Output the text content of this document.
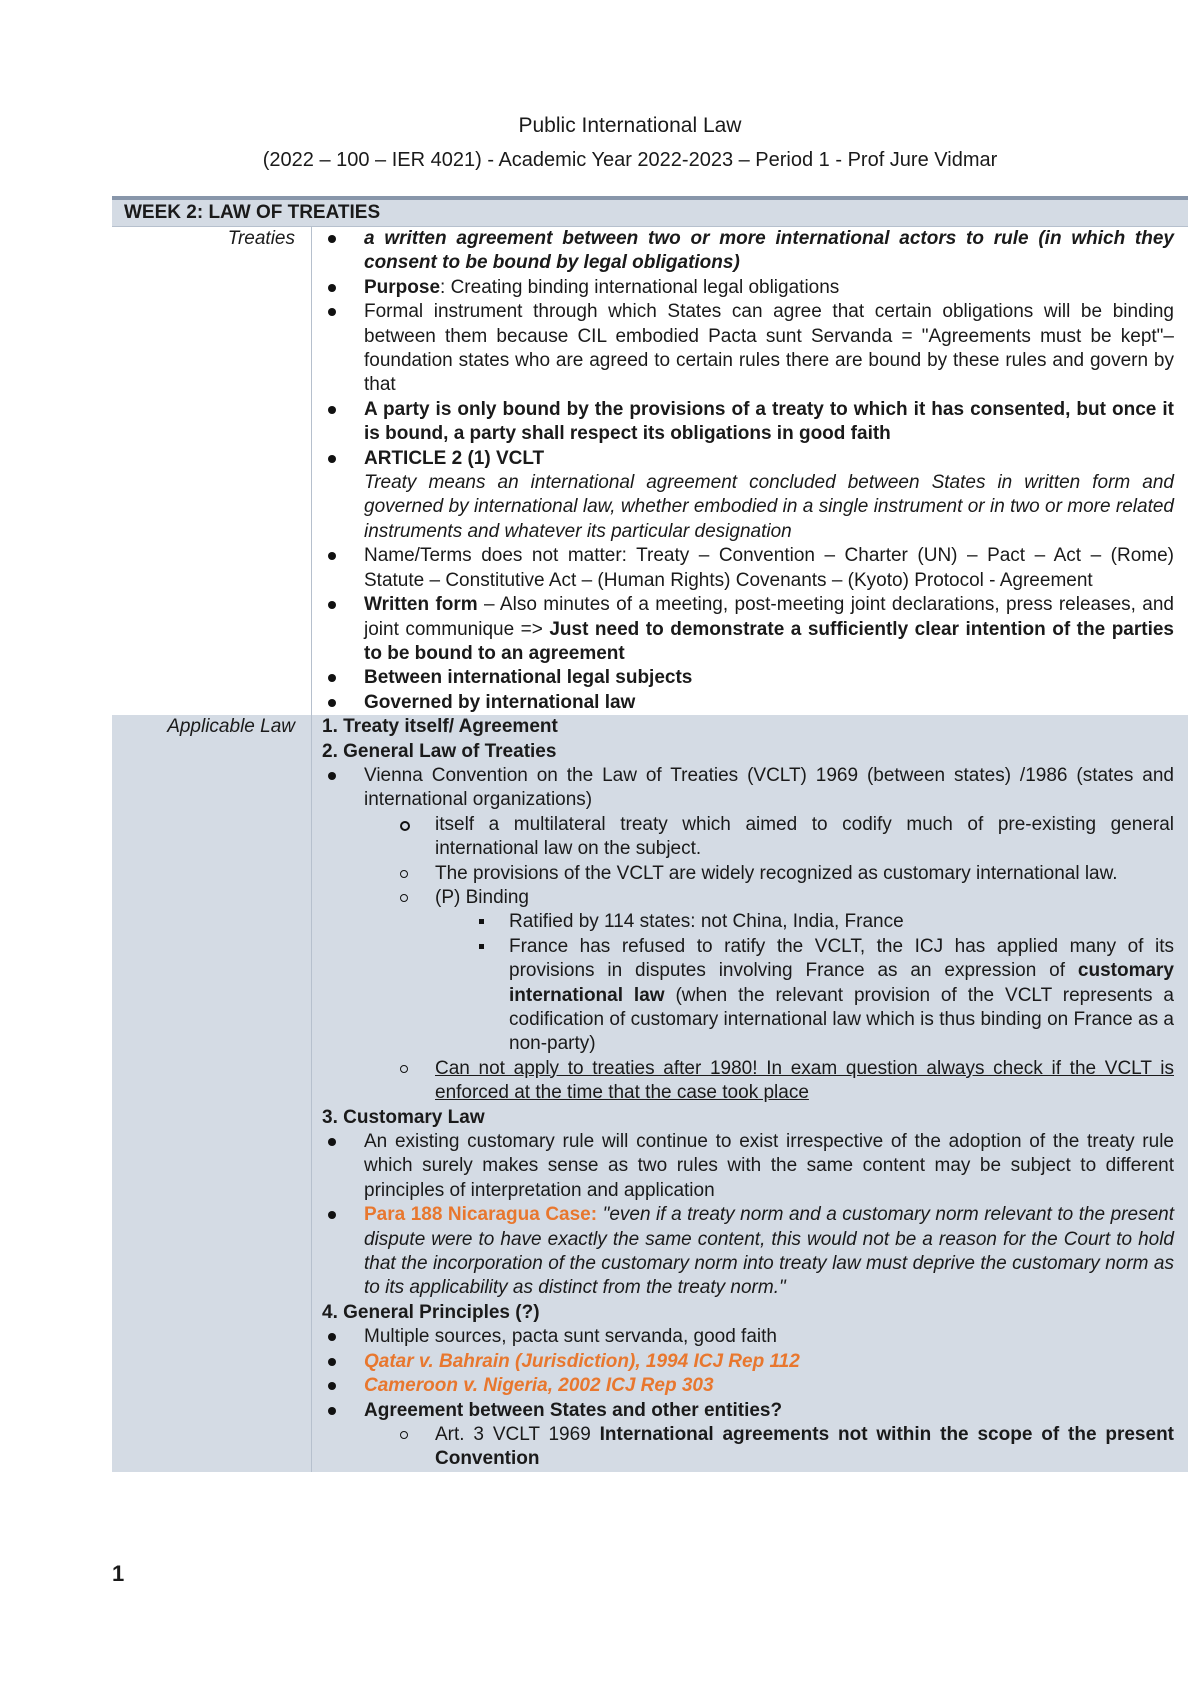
Public International Law
(2022 – 100 – IER 4021) - Academic Year 2022-2023 – Period 1 - Prof Jure Vidmar
WEEK 2: LAW OF TREATIES
Treaties	a written agreement between two or more international actors to rule (in which they consent to be bound by legal obligations)
Purpose: Creating binding international legal obligations
Formal instrument through which States can agree that certain obligations will be binding between them because CIL embodied Pacta sunt Servanda = "Agreements must be kept"– foundation states who are agreed to certain rules there are bound by these rules and govern by that
A party is only bound by the provisions of a treaty to which it has consented, but once it is bound, a party shall respect its obligations in good faith
ARTICLE 2 (1) VCLT
Treaty means an international agreement concluded between States in written form and governed by international law, whether embodied in a single instrument or in two or more related instruments and whatever its particular designation
Name/Terms does not matter: Treaty – Convention – Charter (UN) – Pact – Act – (Rome) Statute – Constitutive Act – (Human Rights) Covenants – (Kyoto) Protocol - Agreement
Written form – Also minutes of a meeting, post-meeting joint declarations, press releases, and joint communique => Just need to demonstrate a sufficiently clear intention of the parties to be bound to an agreement
Between international legal subjects
Governed by international law
Applicable Law	1. Treaty itself/ Agreement
2. General Law of Treaties
Vienna Convention on the Law of Treaties (VCLT) 1969 (between states) /1986 (states and international organizations)
itself a multilateral treaty which aimed to codify much of pre-existing general international law on the subject.
The provisions of the VCLT are widely recognized as customary international law.
(P) Binding
Ratified by 114 states: not China, India, France
France has refused to ratify the VCLT, the ICJ has applied many of its provisions in disputes involving France as an expression of customary international law (when the relevant provision of the VCLT represents a codification of customary international law which is thus binding on France as a non-party)
Can not apply to treaties after 1980! In exam question always check if the VCLT is enforced at the time that the case took place
3. Customary Law
An existing customary rule will continue to exist irrespective of the adoption of the treaty rule which surely makes sense as two rules with the same content may be subject to different principles of interpretation and application
Para 188 Nicaragua Case: "even if a treaty norm and a customary norm relevant to the present dispute were to have exactly the same content, this would not be a reason for the Court to hold that the incorporation of the customary norm into treaty law must deprive the customary norm as to its applicability as distinct from the treaty norm."
4. General Principles (?)
Multiple sources, pacta sunt servanda, good faith
Qatar v. Bahrain (Jurisdiction), 1994 ICJ Rep 112
Cameroon v. Nigeria, 2002 ICJ Rep 303
Agreement between States and other entities?
Art. 3 VCLT 1969 International agreements not within the scope of the present Convention
1
